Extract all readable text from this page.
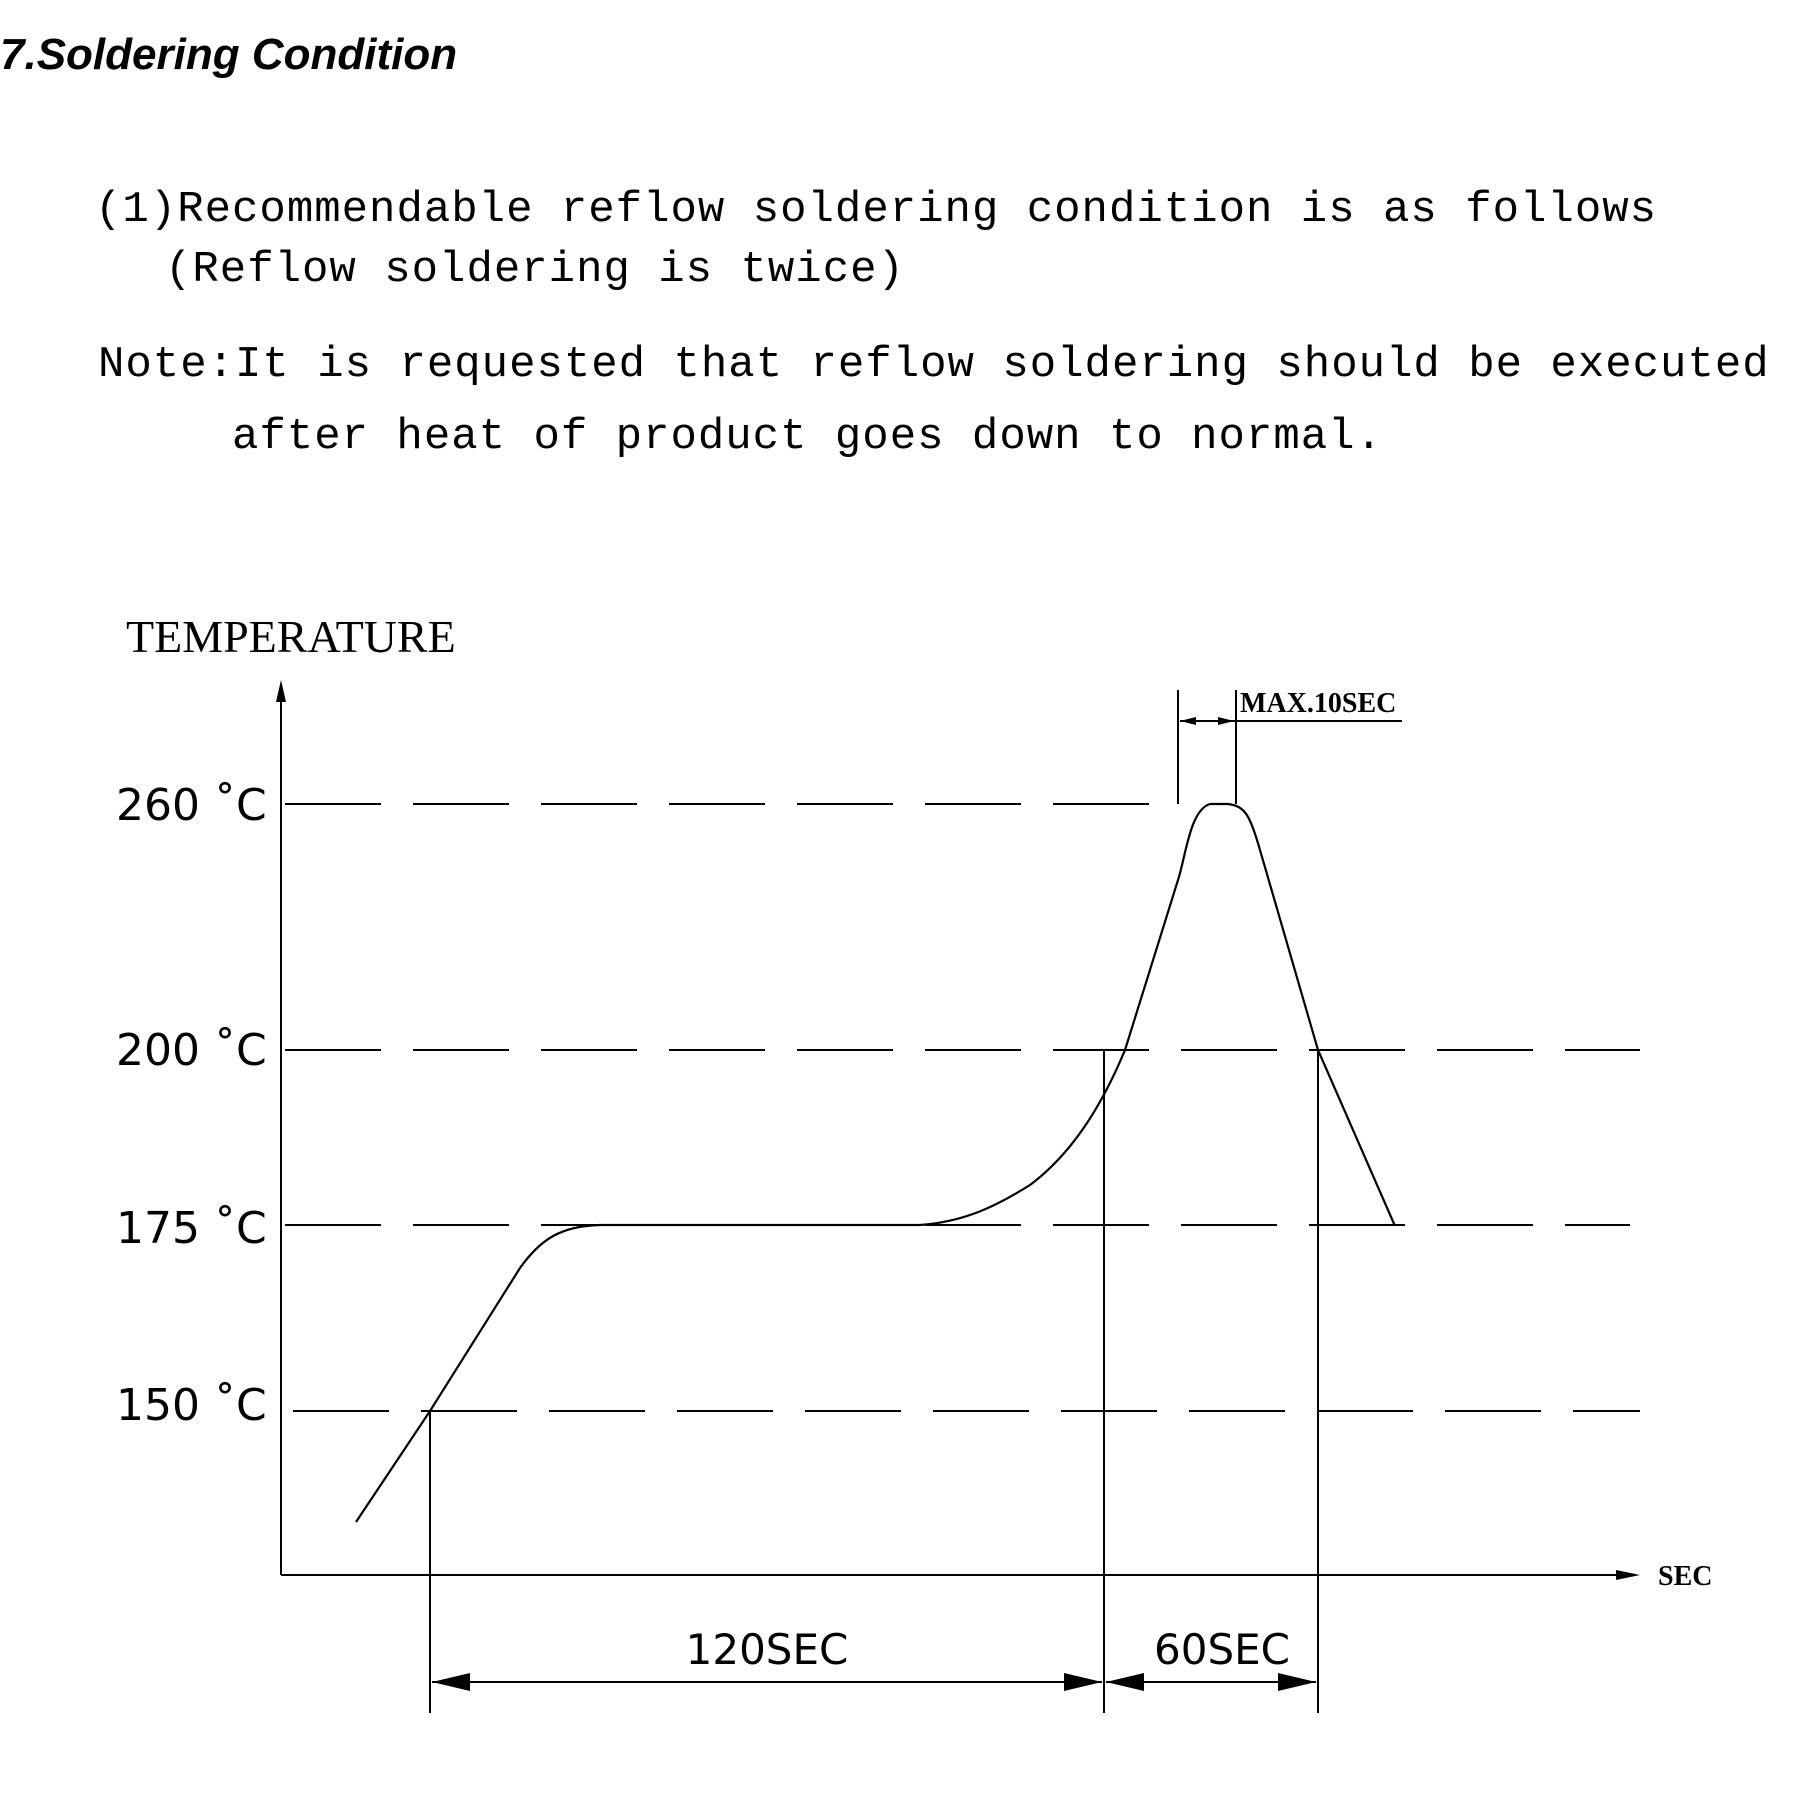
7.Soldering Condition
(1)Recommendable reflow soldering condition is as follows
(Reflow soldering is twice)
Note:It is requested that reflow soldering should be executed
after heat of product goes down to normal.
TEMPERATURE
SEC
260 ˚C
200 ˚C
175 ˚C
150 ˚C
120SEC	60SEC
MAX.10SEC
